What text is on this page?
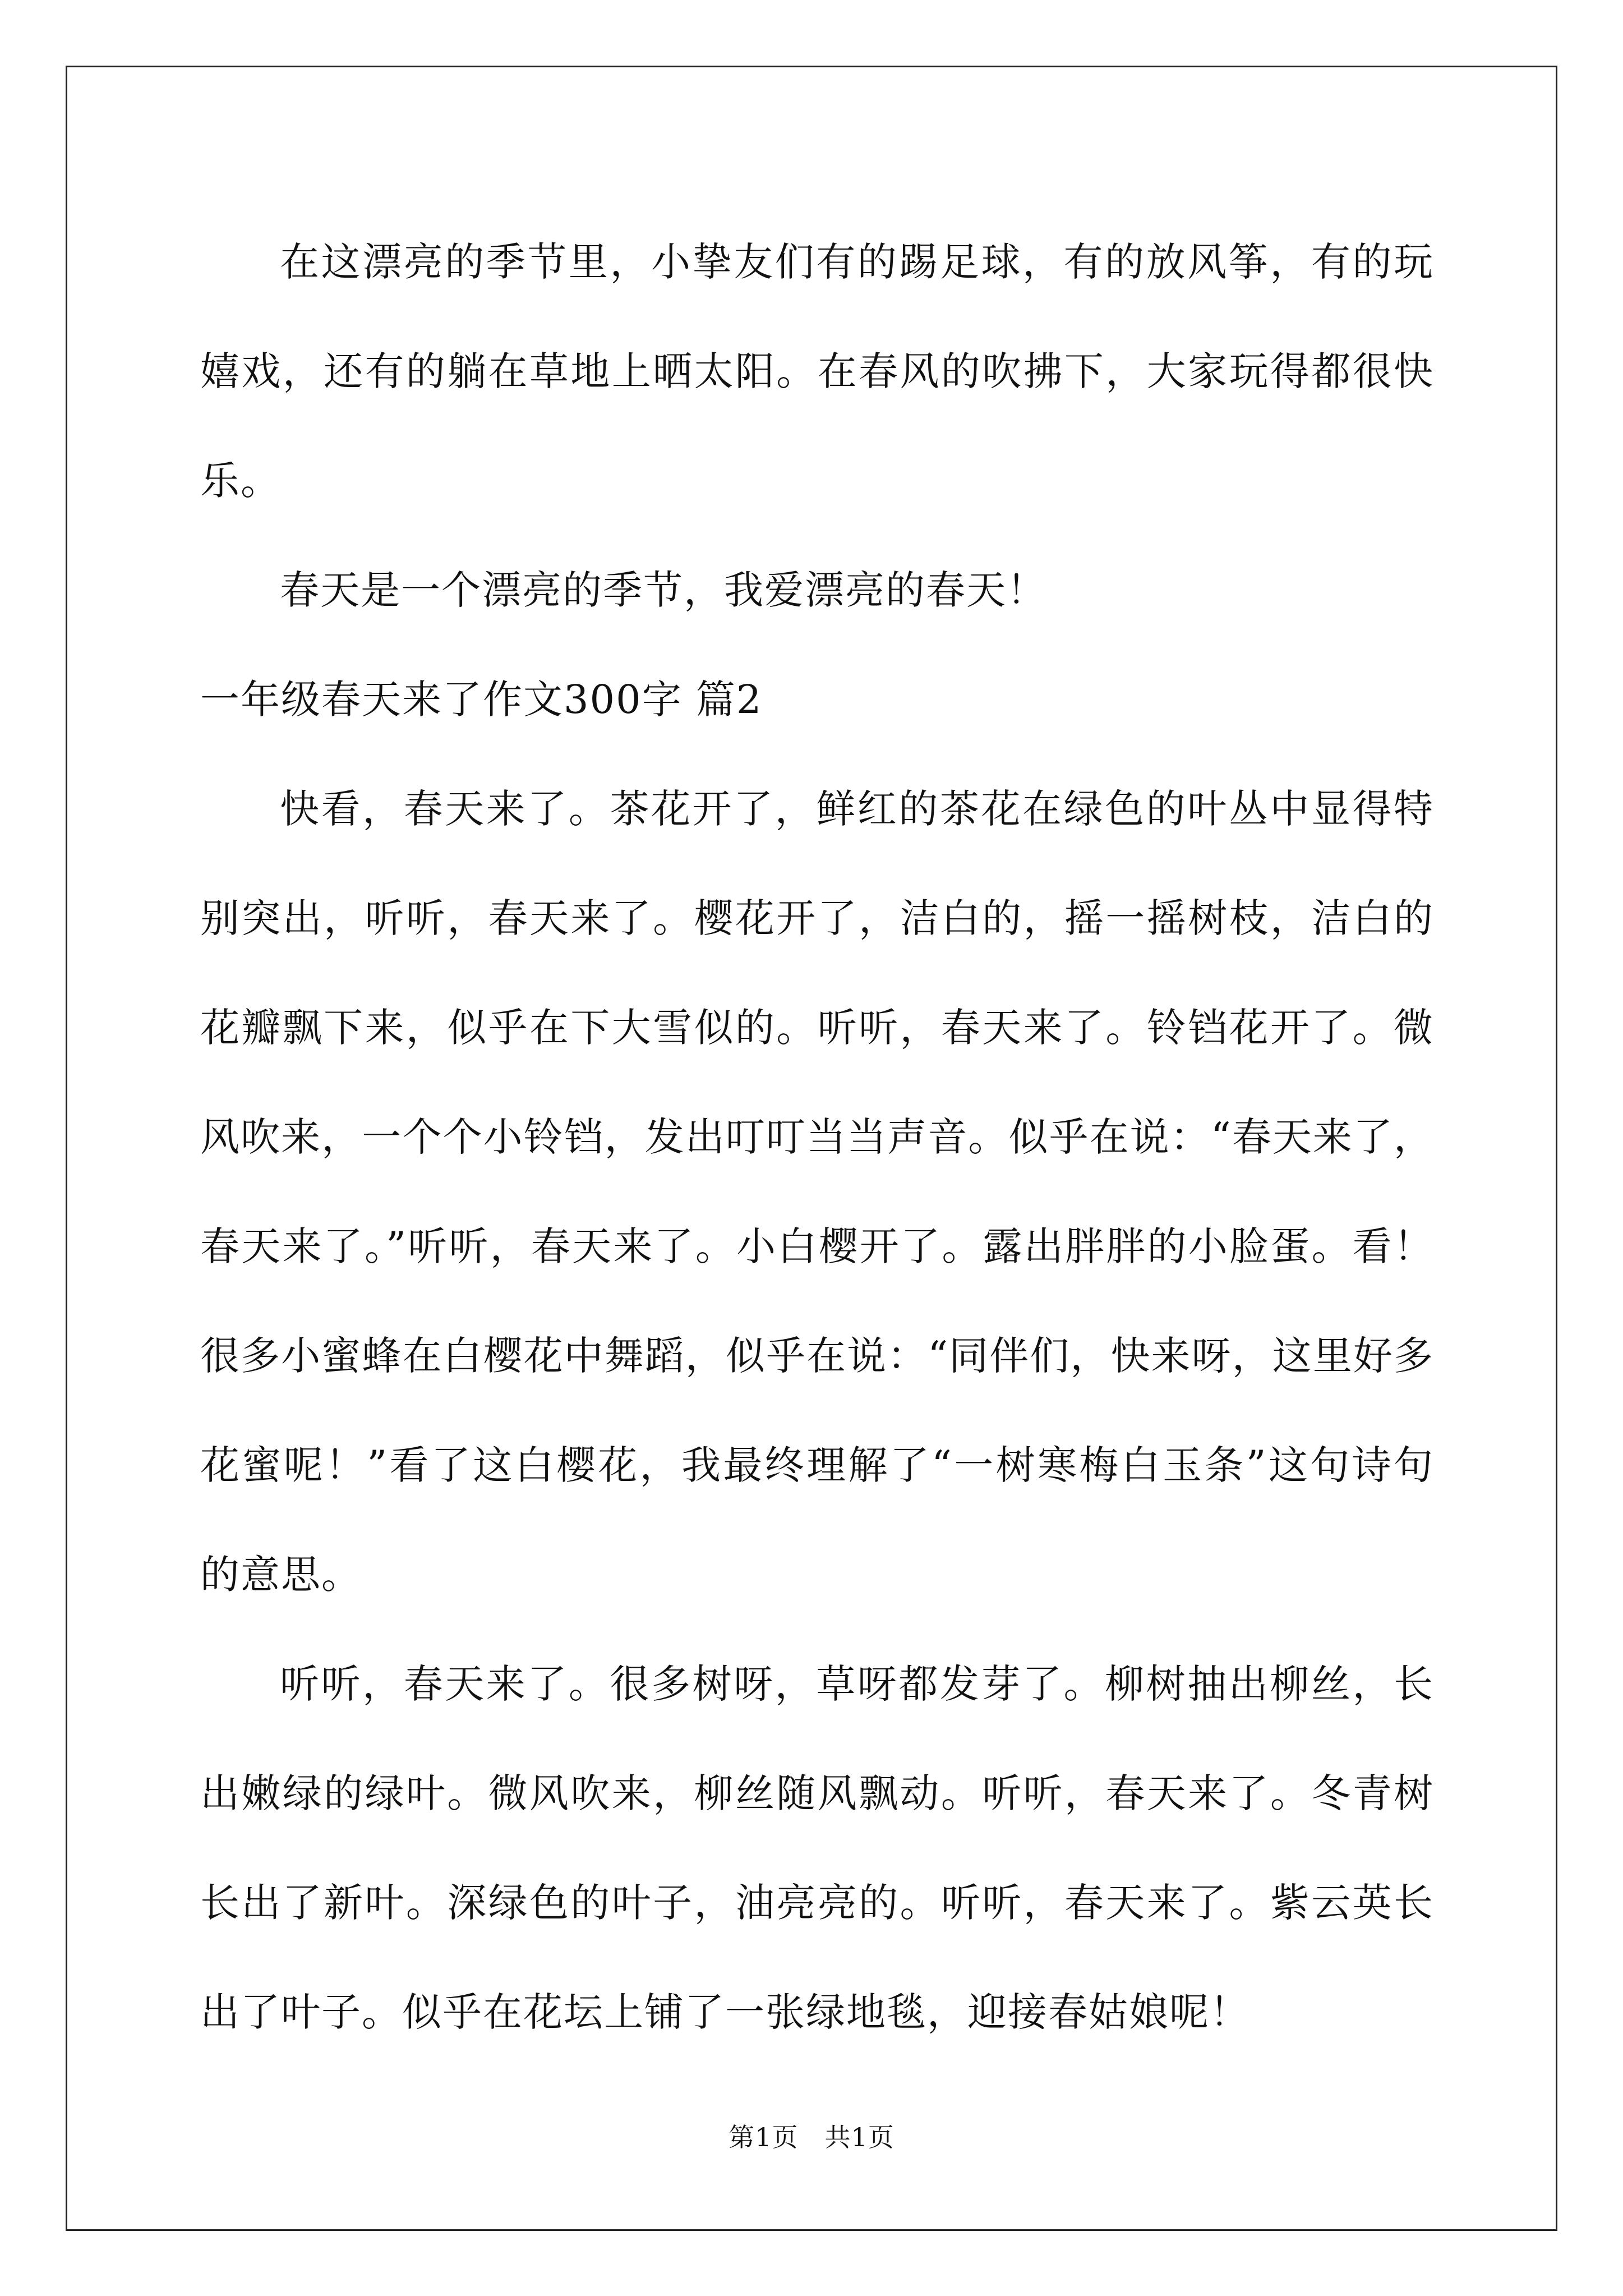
在这漂亮的季节里，小挚友们有的踢足球，有的放风筝，有的玩嬉戏，还有的躺在草地上晒太阳。在春风的吹拂下，大家玩得都很快乐。

春天是一个漂亮的季节，我爱漂亮的春天！

一年级春天来了作文300字 篇2

快看，春天来了。茶花开了，鲜红的茶花在绿色的叶丛中显得特别突出，听听，春天来了。樱花开了，洁白的，摇一摇树枝，洁白的花瓣飘下来，似乎在下大雪似的。听听，春天来了。铃铛花开了。微风吹来，一个个小铃铛，发出叮叮当当声音。似乎在说：“春天来了，春天来了。”听听，春天来了。小白樱开了。露出胖胖的小脸蛋。看！很多小蜜蜂在白樱花中舞蹈，似乎在说：“同伴们，快来呀，这里好多花蜜呢！”看了这白樱花，我最终理解了“一树寒梅白玉条”这句诗句的意思。

听听，春天来了。很多树呀，草呀都发芽了。柳树抽出柳丝，长出嫩绿的绿叶。微风吹来，柳丝随风飘动。听听，春天来了。冬青树长出了新叶。深绿色的叶子，油亮亮的。听听，春天来了。紫云英长出了叶子。似乎在花坛上铺了一张绿地毯，迎接春姑娘呢！

第1页　共1页
